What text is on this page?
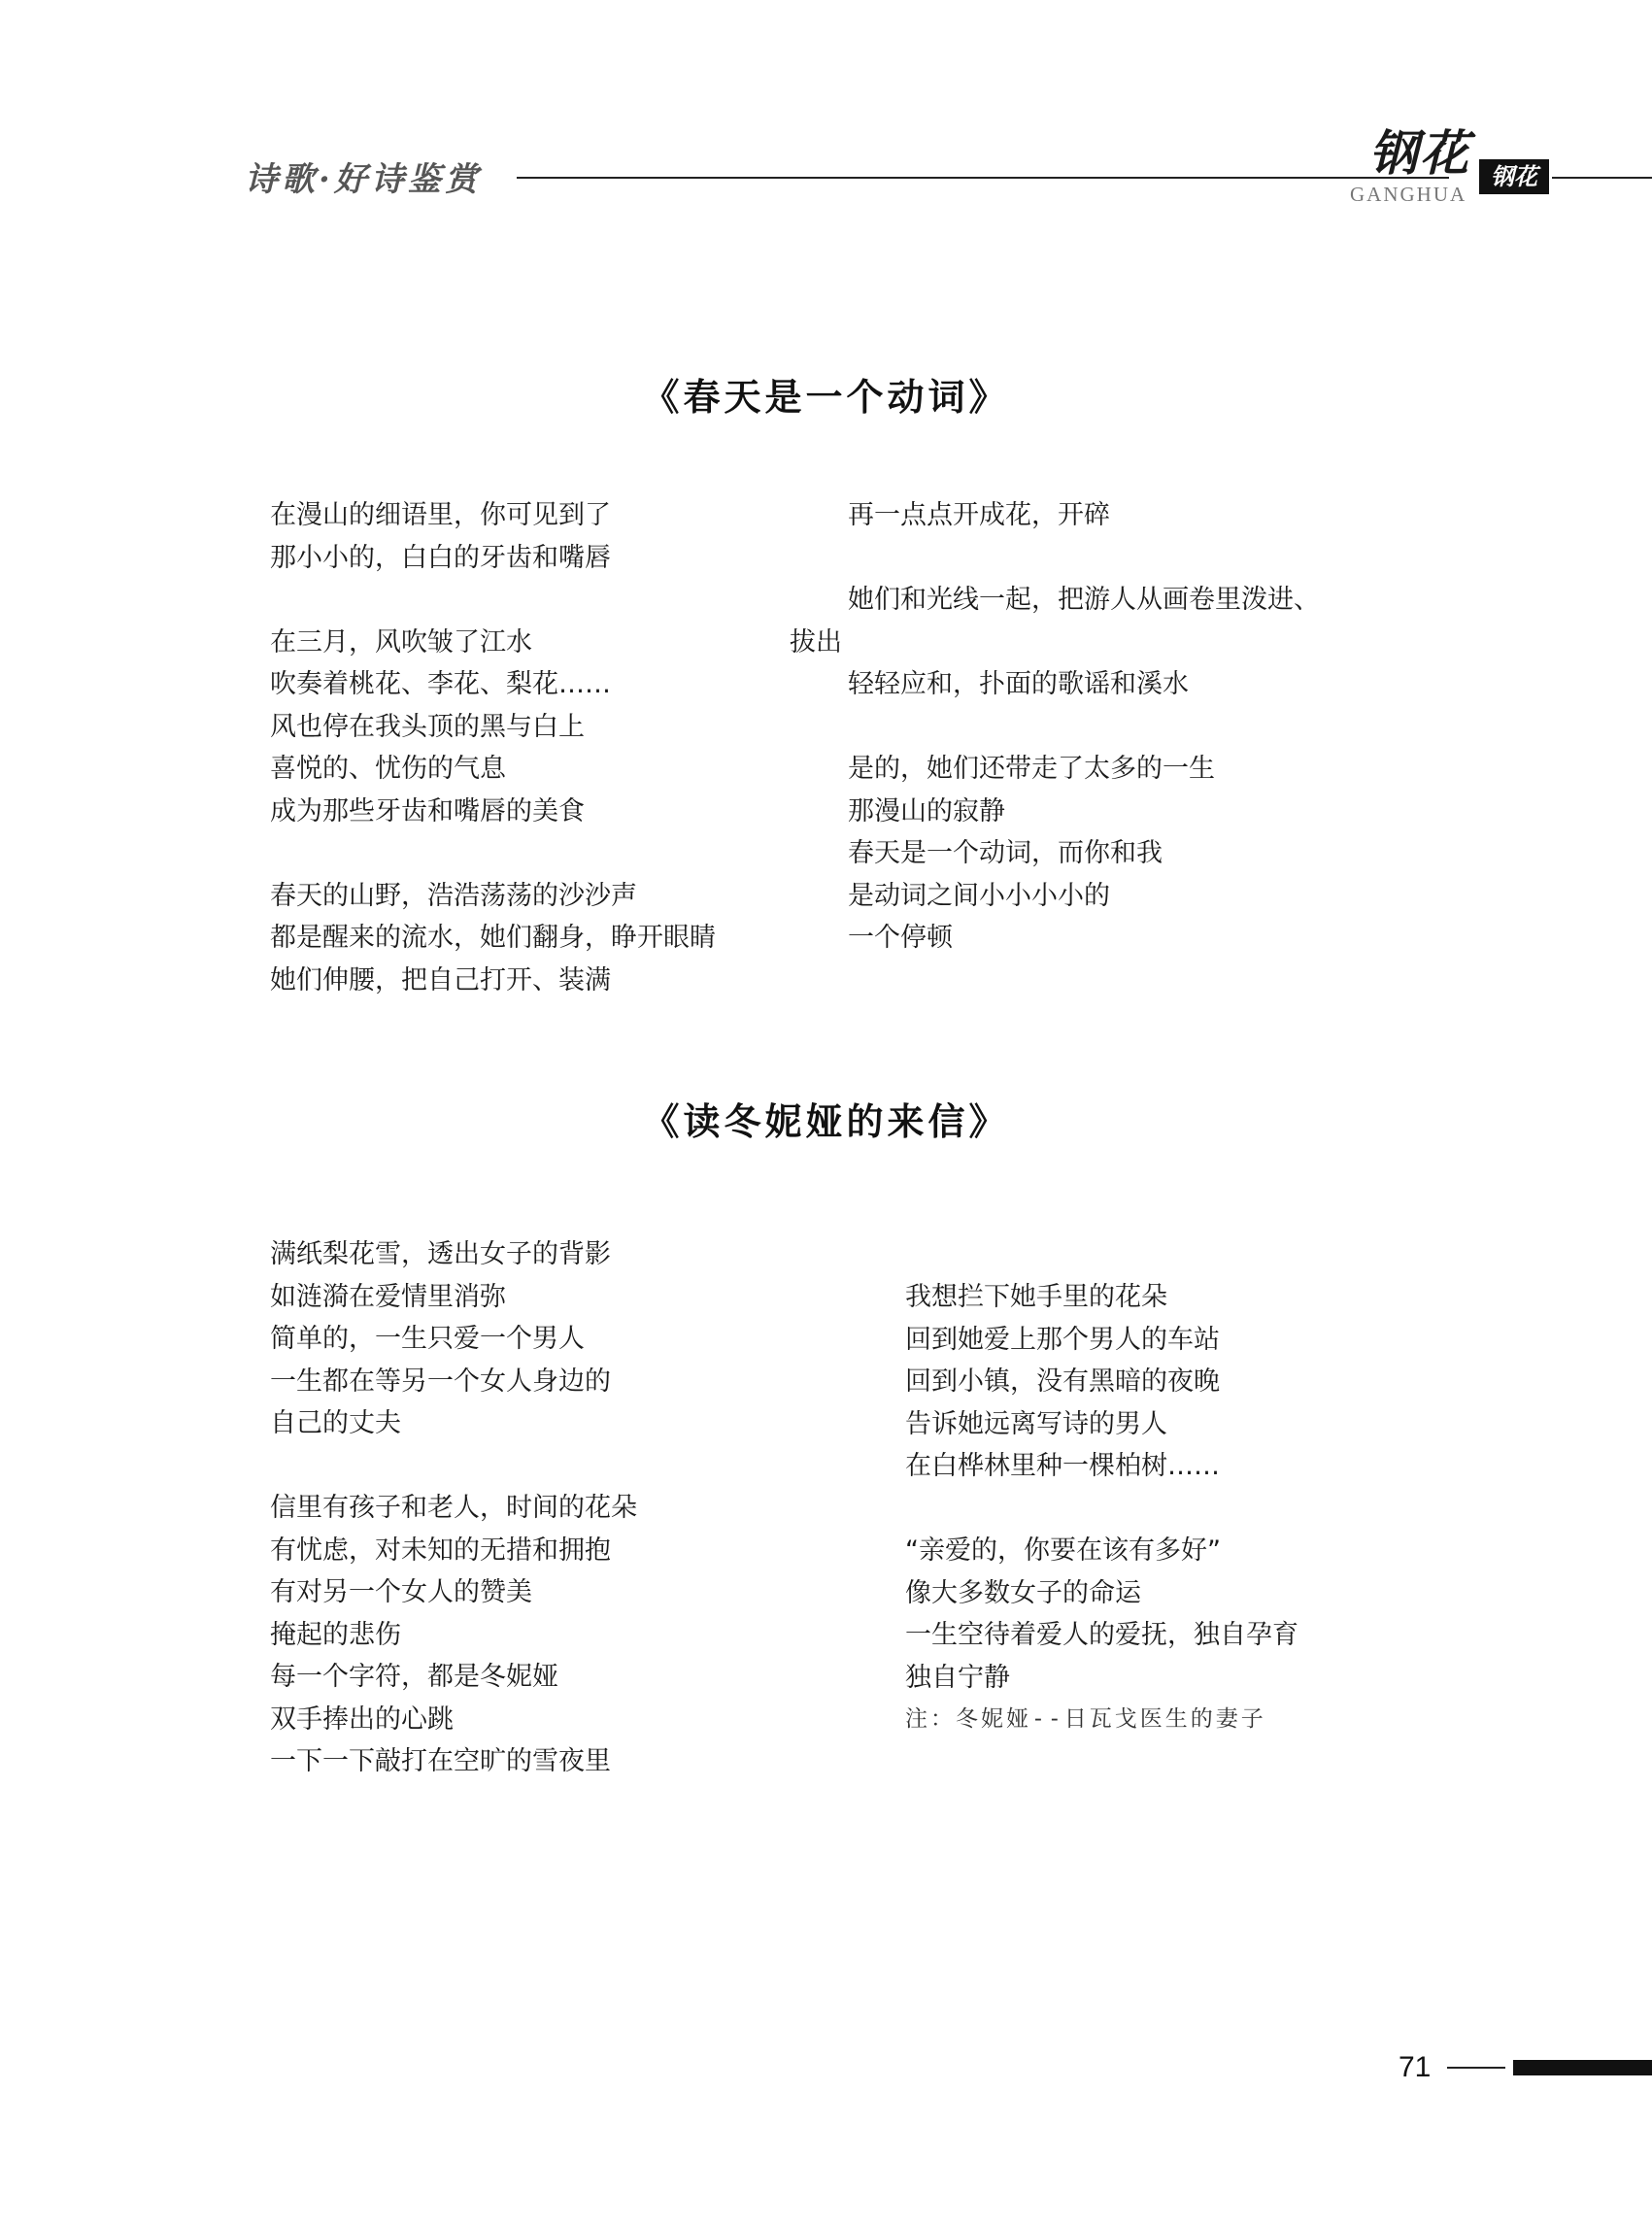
诗歌·好诗鉴赏	钢花
GANGHUA
钢花
《春天是一个动词》
在漫山的细语里，你可见到了
那小小的，白白的牙齿和嘴唇
在三月，风吹皱了江水
吹奏着桃花、李花、梨花……
风也停在我头顶的黑与白上
喜悦的、忧伤的气息
成为那些牙齿和嘴唇的美食
春天的山野，浩浩荡荡的沙沙声
都是醒来的流水，她们翻身，睁开眼睛
她们伸腰，把自己打开、装满
再一点点开成花，开碎
她们和光线一起，把游人从画卷里泼进、
拔出
轻轻应和，扑面的歌谣和溪水
是的，她们还带走了太多的一生
那漫山的寂静
春天是一个动词，而你和我
是动词之间小小小小的
一个停顿
《读冬妮娅的来信》
满纸梨花雪，透出女子的背影
如涟漪在爱情里消弥
简单的，一生只爱一个男人
一生都在等另一个女人身边的
自己的丈夫
信里有孩子和老人，时间的花朵
有忧虑，对未知的无措和拥抱
有对另一个女人的赞美
掩起的悲伤
每一个字符，都是冬妮娅
双手捧出的心跳
一下一下敲打在空旷的雪夜里
我想拦下她手里的花朵
回到她爱上那个男人的车站
回到小镇，没有黑暗的夜晚
告诉她远离写诗的男人
在白桦林里种一棵柏树……
“亲爱的，你要在该有多好”
像大多数女子的命运
一生空待着爱人的爱抚，独自孕育
独自宁静
注：冬妮娅--日瓦戈医生的妻子
71
